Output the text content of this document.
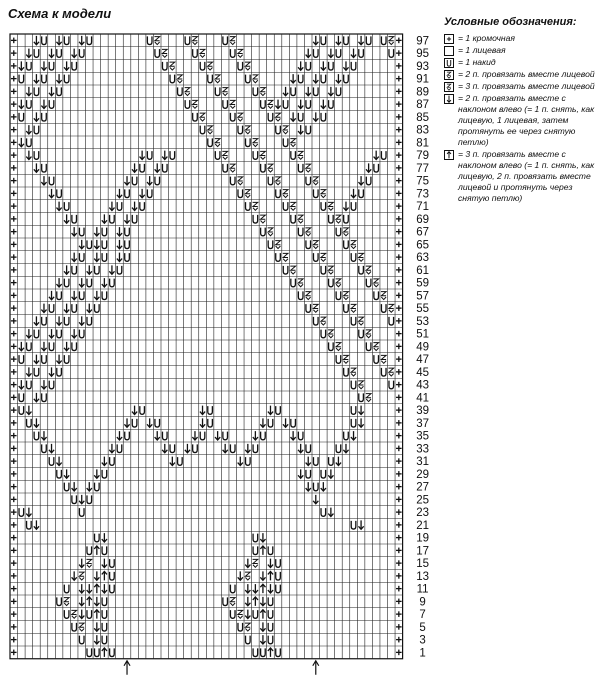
Схема к модели
97
95
93
91
89
87
85
83
81
79
77
75
73
71
69
67
65
63
61
59
57
55
53
51
49
47
45
43
41
39
37
35
33
31
29
27
25
23
21
19
17
15
13
11
9
7
5
3
1
Условные обозначения:
= 1 кромочная
= 1 лицевая
= 1 накид
= 2 п. провязать вместе лицевой
= 3 п. провязать вместе лицевой
= 2 п. провязать вместе с наклоном влево (= 1 п. снять, как лицевую, 1 лицевая, затем протянуть ее через снятую петлю)
= 3 п. провязать вместе с наклоном влево (= 1 п. снять, как лицевую, 2 п. провязать вместе лицевой и протянуть через снятую петлю)
